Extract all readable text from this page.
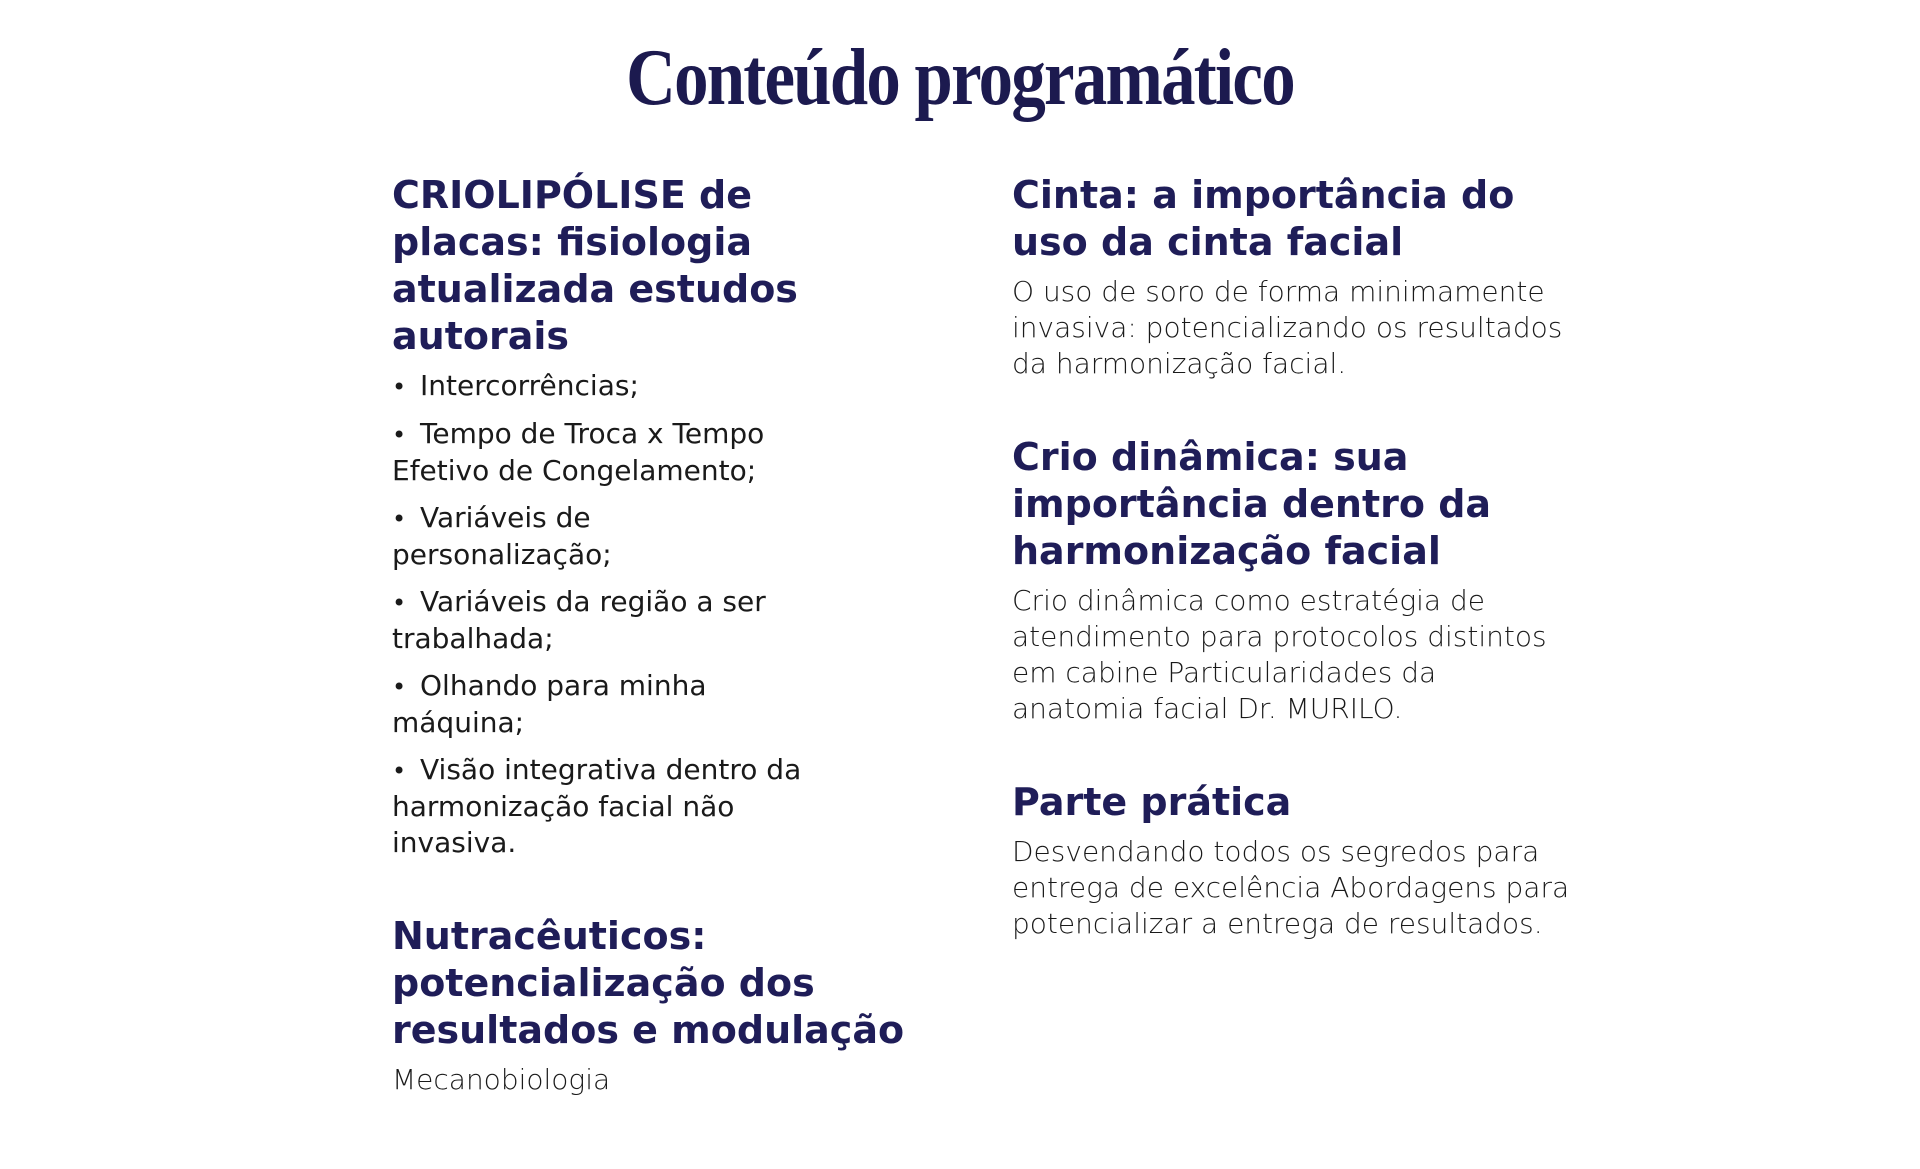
Conteúdo programático
CRIOLIPÓLISE de placas: fisiologia atualizada estudos autorais
• Intercorrências;
• Tempo de Troca x Tempo Efetivo de Congelamento;
• Variáveis de personalização;
• Variáveis da região a ser trabalhada;
• Olhando para minha máquina;
• Visão integrativa dentro da harmonização facial não invasiva.
Nutracêuticos: potencialização dos resultados e modulação

Mecanobiologia

Cinta: a importância do uso da cinta facial

O uso de soro de forma minimamente invasiva: potencializando os resultados da harmonização facial.

Crio dinâmica: sua importância dentro da harmonização facial

Crio dinâmica como estratégia de atendimento para protocolos distintos em cabine Particularidades da anatomia facial Dr. MURILO.

Parte prática

Desvendando todos os segredos para entrega de excelência Abordagens para potencializar a entrega de resultados.
